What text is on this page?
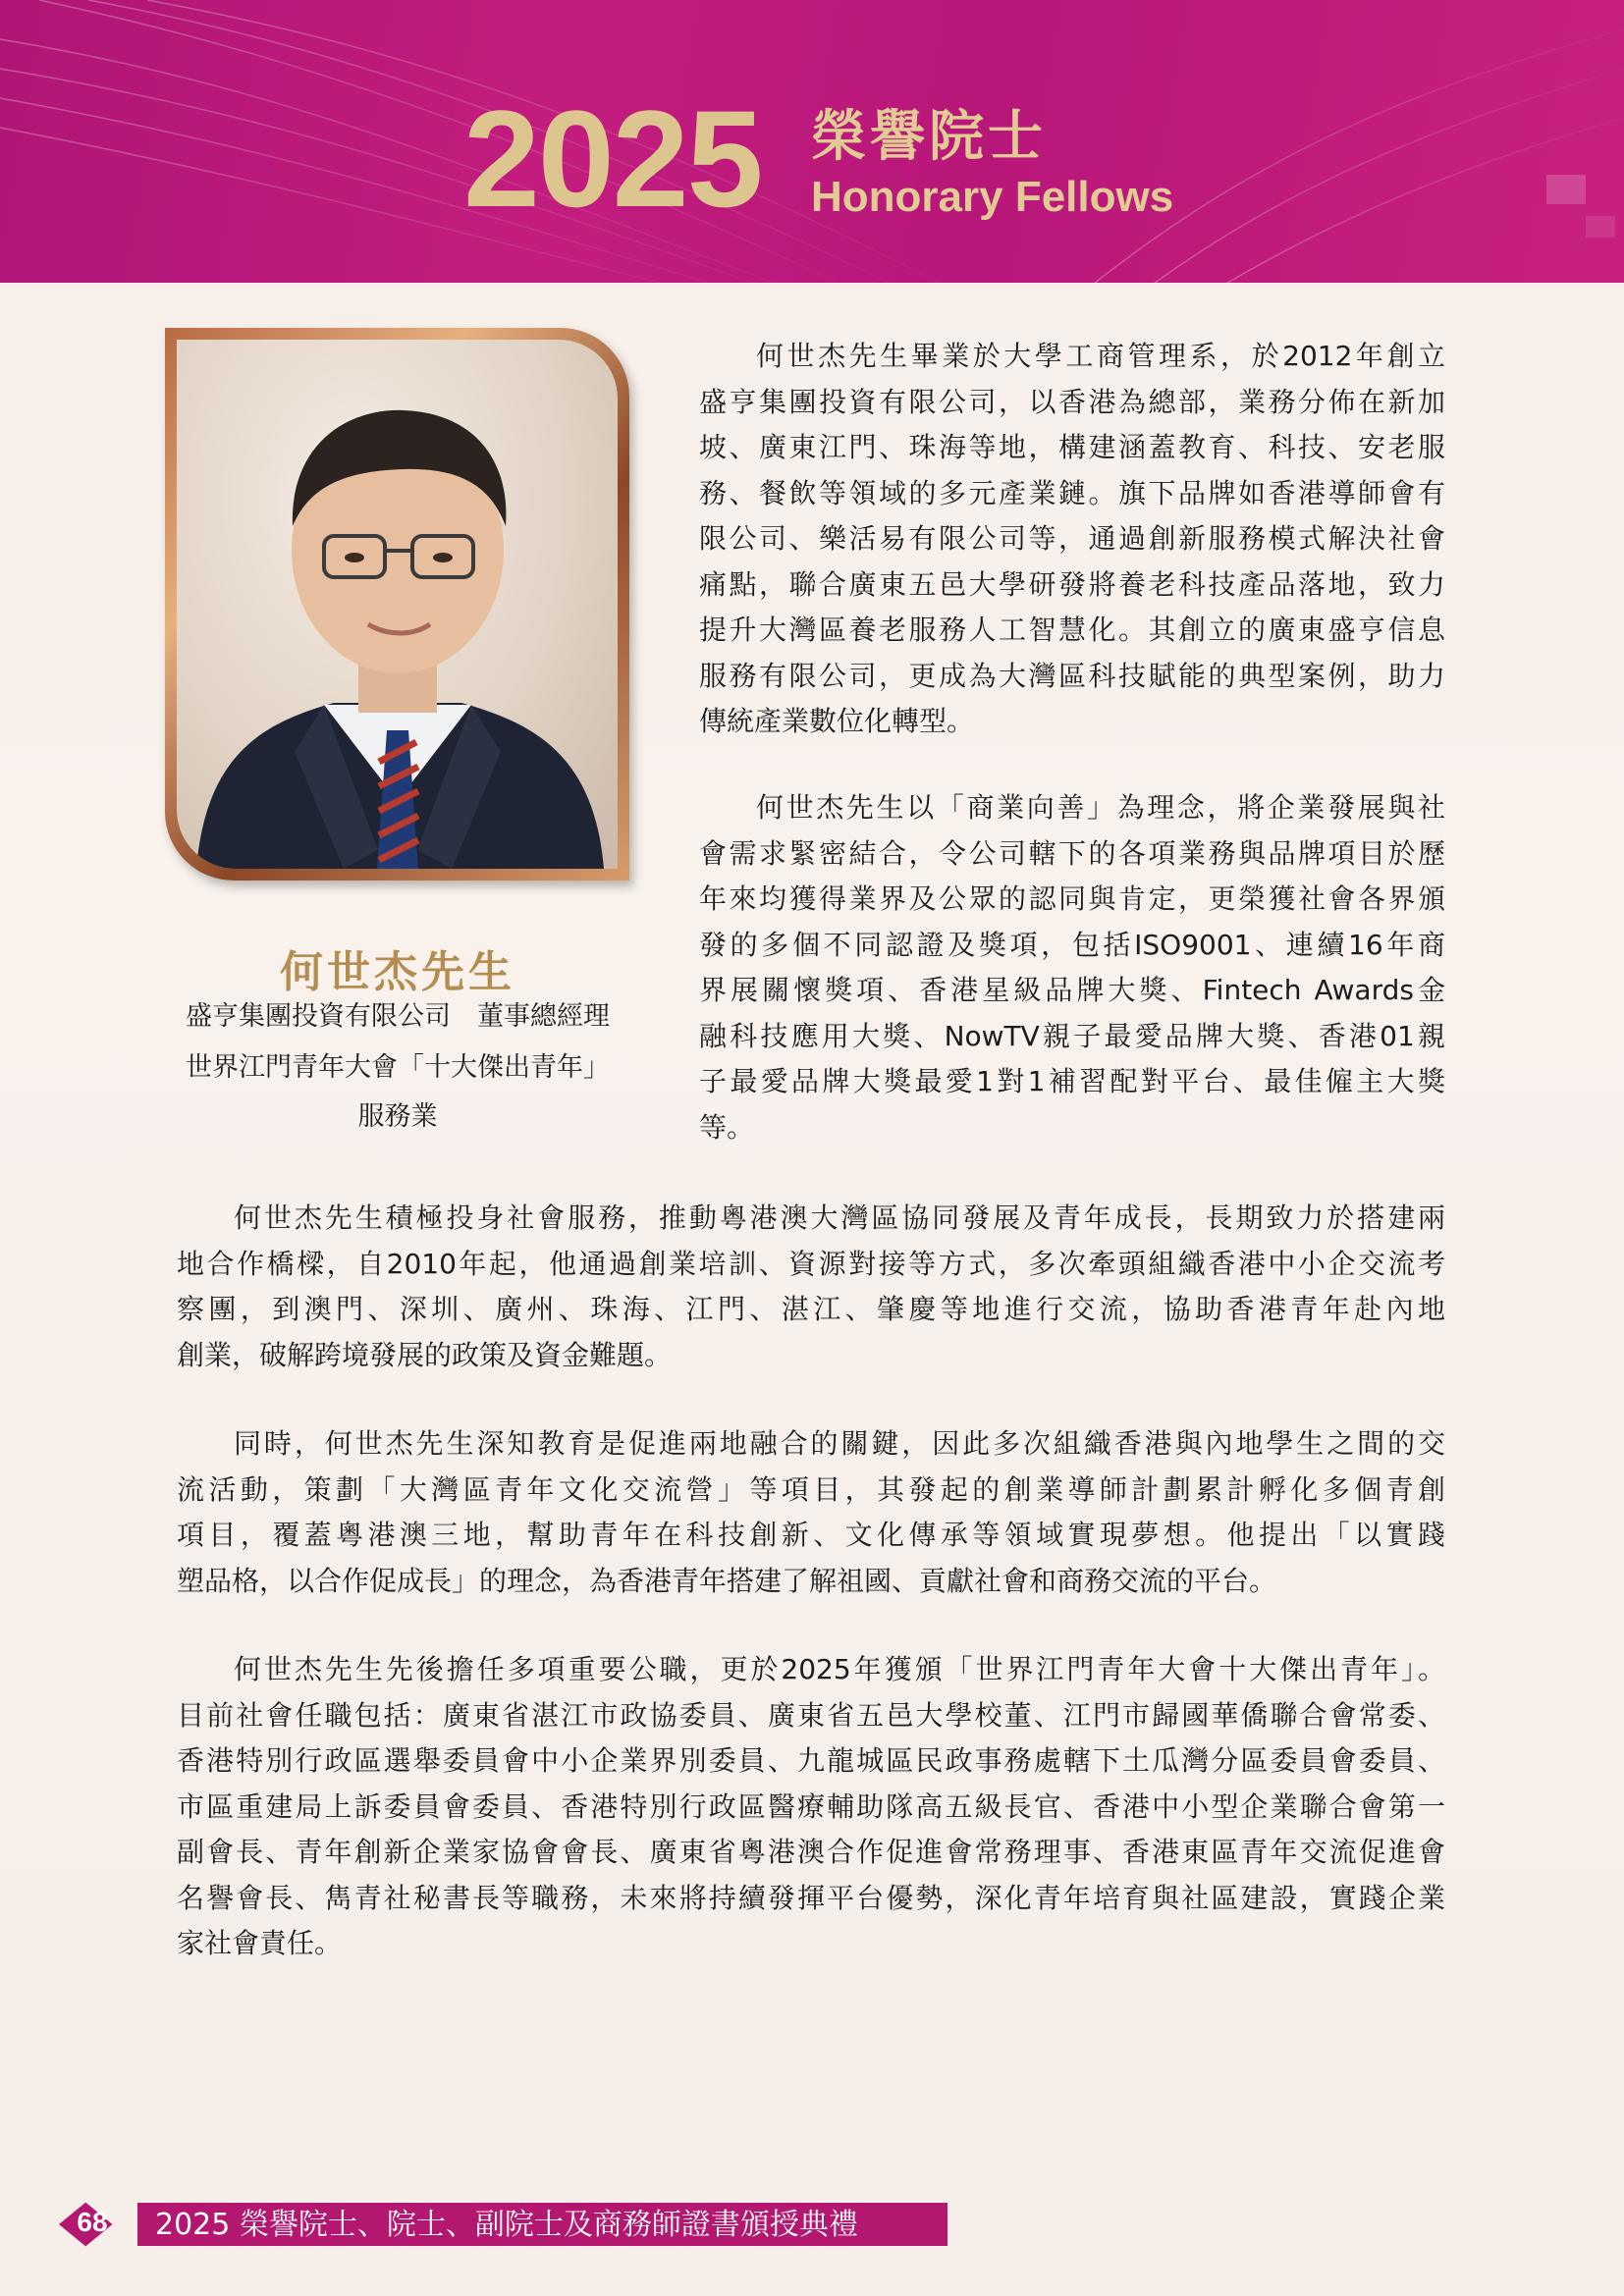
2025 榮譽院士
Honorary Fellows
何世杰先生
盛亨集團投資有限公司　董事總經理
世界江門青年大會「十大傑出青年」
服務業
何世杰先生畢業於大學工商管理系，於2012年創立
盛亨集團投資有限公司，以香港為總部，業務分佈在新加
坡、廣東江門、珠海等地，構建涵蓋教育、科技、安老服
務、餐飲等領域的多元產業鏈。旗下品牌如香港導師會有
限公司、樂活易有限公司等，通過創新服務模式解決社會
痛點，聯合廣東五邑大學研發將養老科技產品落地，致力
提升大灣區養老服務人工智慧化。其創立的廣東盛亨信息
服務有限公司，更成為大灣區科技賦能的典型案例，助力
傳統產業數位化轉型。
何世杰先生以「商業向善」為理念，將企業發展與社
會需求緊密結合，令公司轄下的各項業務與品牌項目於歷
年來均獲得業界及公眾的認同與肯定，更榮獲社會各界頒
發的多個不同認證及獎項，包括ISO9001、連續16年商
界展關懷獎項、香港星級品牌大獎、Fintech Awards金
融科技應用大獎、NowTV親子最愛品牌大獎、香港01親
子最愛品牌大獎最愛1對1補習配對平台、最佳僱主大獎
等。
何世杰先生積極投身社會服務，推動粵港澳大灣區協同發展及青年成長，長期致力於搭建兩
地合作橋樑，自2010年起，他通過創業培訓、資源對接等方式，多次牽頭組織香港中小企交流考
察團，到澳門、深圳、廣州、珠海、江門、湛江、肇慶等地進行交流，協助香港青年赴內地
創業，破解跨境發展的政策及資金難題。
同時，何世杰先生深知教育是促進兩地融合的關鍵，因此多次組織香港與內地學生之間的交
流活動，策劃「大灣區青年文化交流營」等項目，其發起的創業導師計劃累計孵化多個青創
項目，覆蓋粵港澳三地，幫助青年在科技創新、文化傳承等領域實現夢想。他提出「以實踐
塑品格，以合作促成長」的理念，為香港青年搭建了解祖國、貢獻社會和商務交流的平台。
何世杰先生先後擔任多項重要公職，更於2025年獲頒「世界江門青年大會十大傑出青年」。
目前社會任職包括：廣東省湛江市政協委員、廣東省五邑大學校董、江門市歸國華僑聯合會常委、
香港特別行政區選舉委員會中小企業界別委員、九龍城區民政事務處轄下土瓜灣分區委員會委員、
市區重建局上訴委員會委員、香港特別行政區醫療輔助隊高五級長官、香港中小型企業聯合會第一
副會長、青年創新企業家協會會長、廣東省粵港澳合作促進會常務理事、香港東區青年交流促進會
名譽會長、雋青社秘書長等職務，未來將持續發揮平台優勢，深化青年培育與社區建設，實踐企業
家社會責任。
68	2025 榮譽院士、院士、副院士及商務師證書頒授典禮
